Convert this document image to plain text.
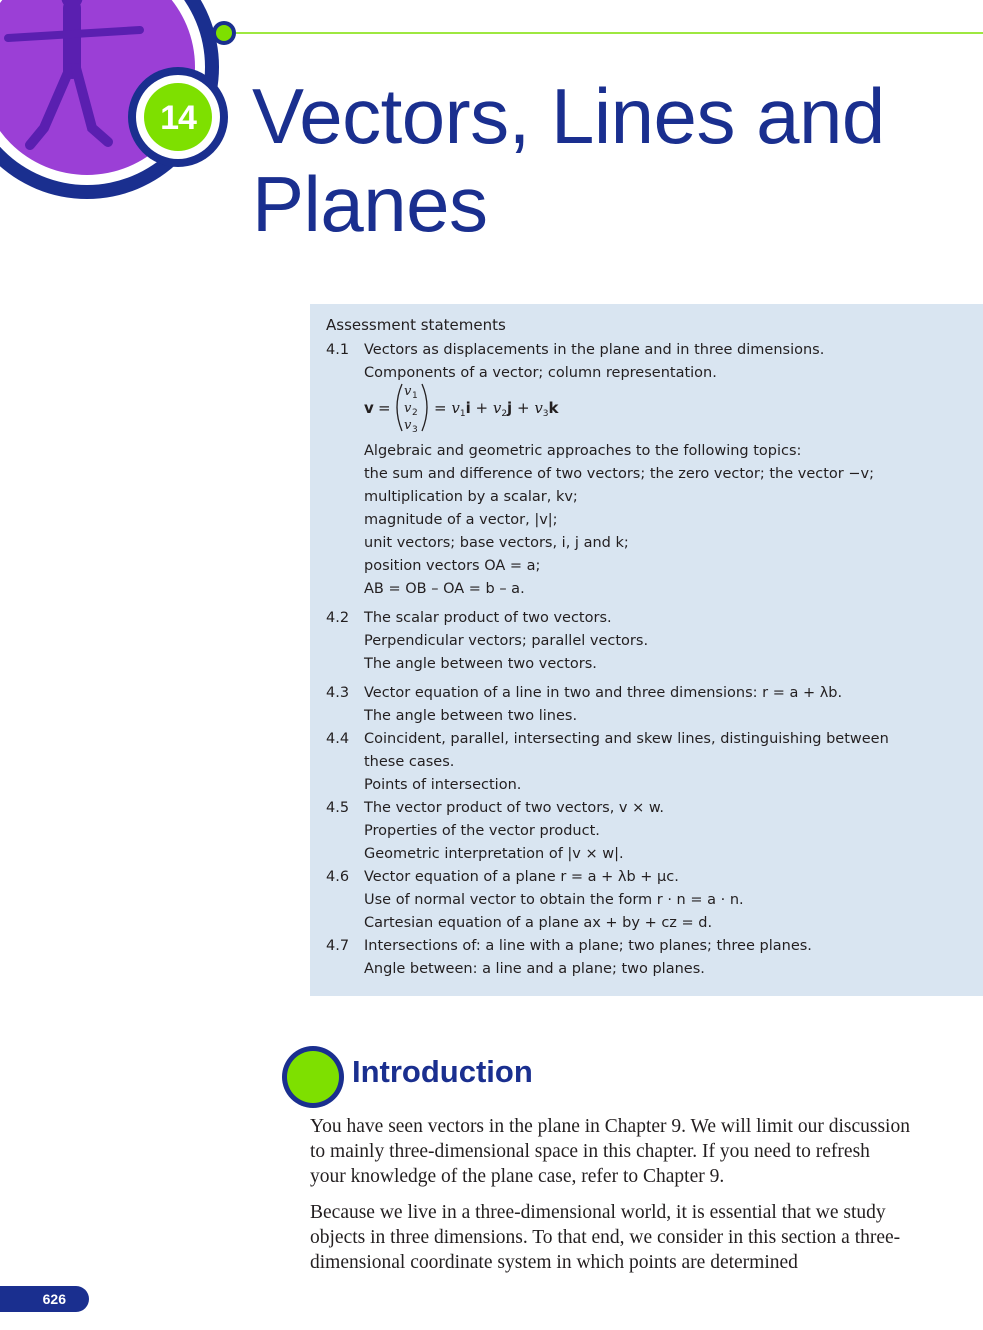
14 Vectors, Lines and
Planes
Assessment statements
4.1 Vectors as displacements in the plane and in three dimensions.
Components of a vector; column representation.
v =
v 1
v 2
v 3
= $v_1i + v_2j + v_3k$
Algebraic and geometric approaches to the following topics:
the sum and difference of two vectors; the zero vector; the vector −v;
multiplication by a scalar, kv;
magnitude of a vector, |v|;
unit vectors; base vectors, i, j and k;
position vectors OA = a;
AB = OB – OA = b – a.
4.2 The scalar product of two vectors.
Perpendicular vectors; parallel vectors.
The angle between two vectors.
4.3 Vector equation of a line in two and three dimensions: r = a + λb.
The angle between two lines.
4.4 Coincident, parallel, intersecting and skew lines, distinguishing between
these cases.
Points of intersection.
4.5 The vector product of two vectors, v × w.
Properties of the vector product.
Geometric interpretation of |v × w|.
4.6 Vector equation of a plane r = a + λb + μc.
Use of normal vector to obtain the form r · n = a · n.
Cartesian equation of a plane ax + by + cz = d.
4.7 Intersections of: a line with a plane; two planes; three planes.
Angle between: a line and a plane; two planes.
Introduction

You have seen vectors in the plane in Chapter 9. We will limit our discussion to mainly three-dimensional space in this chapter. If you need to refresh your knowledge of the plane case, refer to Chapter 9.

Because we live in a three-dimensional world, it is essential that we study objects in three dimensions. To that end, we consider in this section a three-dimensional coordinate system in which points are determined

626
